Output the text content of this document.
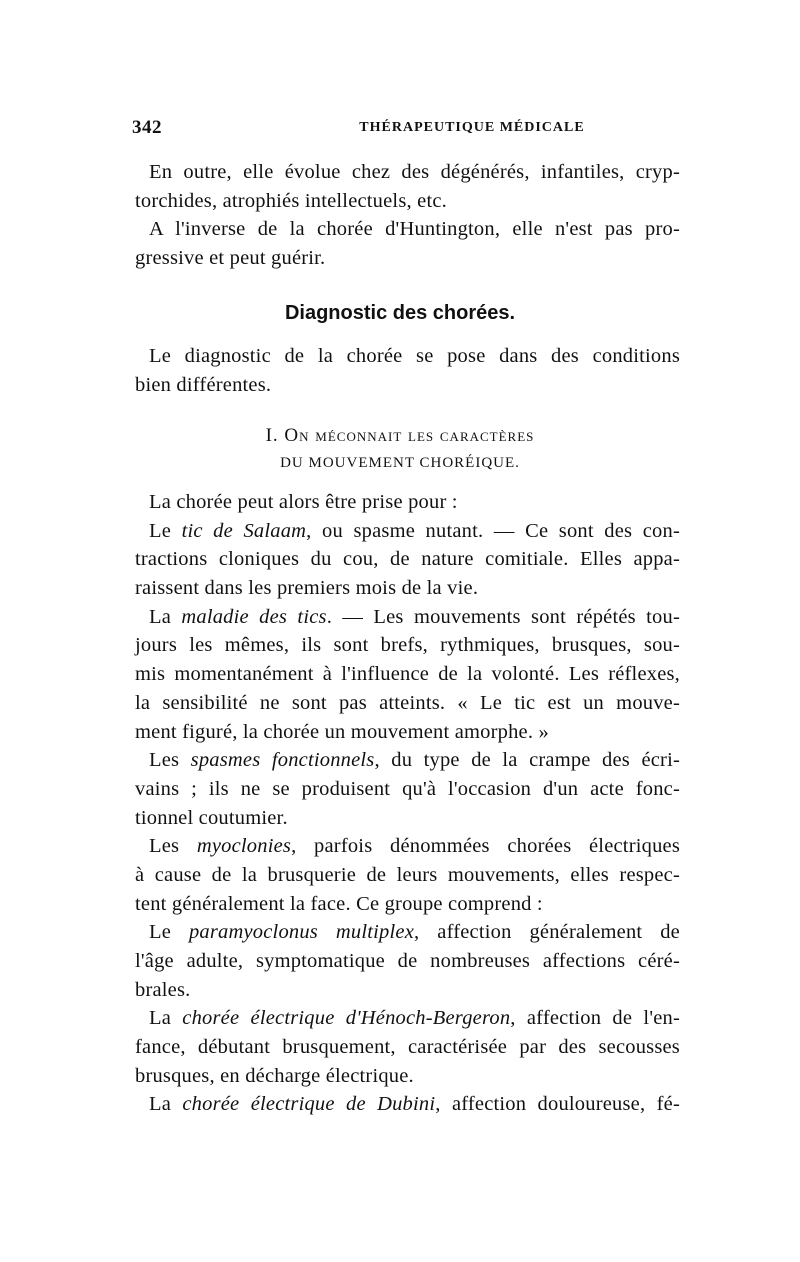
342	THÉRAPEUTIQUE MÉDICALE
En outre, elle évolue chez des dégénérés, infantiles, cryp-
torchides, atrophiés intellectuels, etc.
A l'inverse de la chorée d'Huntington, elle n'est pas pro-
gressive et peut guérir.
Diagnostic des chorées.
Le diagnostic de la chorée se pose dans des conditions
bien différentes.
I. On méconnait les caractères
DU MOUVEMENT CHORÉIQUE.
La chorée peut alors être prise pour :
Le tic de Salaam, ou spasme nutant. — Ce sont des con-
tractions cloniques du cou, de nature comitiale. Elles appa-
raissent dans les premiers mois de la vie.
La maladie des tics. — Les mouvements sont répétés tou-
jours les mêmes, ils sont brefs, rythmiques, brusques, sou-
mis momentanément à l'influence de la volonté. Les réflexes,
la sensibilité ne sont pas atteints. « Le tic est un mouve-
ment figuré, la chorée un mouvement amorphe. »
Les spasmes fonctionnels, du type de la crampe des écri-
vains ; ils ne se produisent qu'à l'occasion d'un acte fonc-
tionnel coutumier.
Les myoclonies, parfois dénommées chorées électriques
à cause de la brusquerie de leurs mouvements, elles respec-
tent généralement la face. Ce groupe comprend :
Le paramyoclonus multiplex, affection généralement de
l'âge adulte, symptomatique de nombreuses affections céré-
brales.
La chorée électrique d'Hénoch-Bergeron, affection de l'en-
fance, débutant brusquement, caractérisée par des secousses
brusques, en décharge électrique.
La chorée électrique de Dubini, affection douloureuse, fé-
